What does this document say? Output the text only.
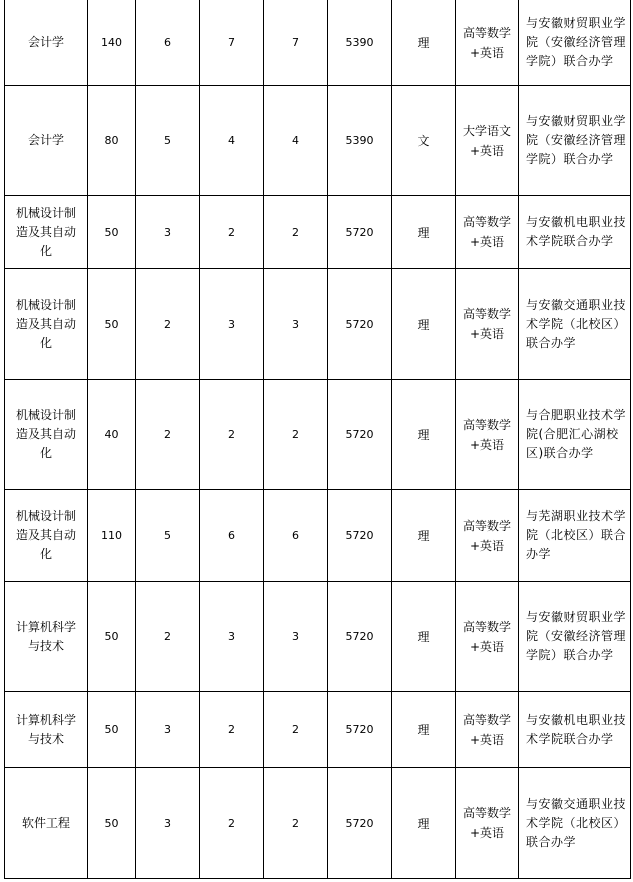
会计学	140	6	7	7	5390	理	高等数学+英语	与安徽财贸职业学院（安徽经济管理学院）联合办学

会计学	80	5	4	4	5390	文	大学语文+英语	与安徽财贸职业学院（安徽经济管理学院）联合办学

机械设计制造及其自动化	50	3	2	2	5720	理	高等数学+英语	与安徽机电职业技术学院联合办学

机械设计制造及其自动化	50	2	3	3	5720	理	高等数学+英语	与安徽交通职业技术学院（北校区）联合办学

机械设计制造及其自动化	40	2	2	2	5720	理	高等数学+英语	与合肥职业技术学院(合肥汇心湖校区)联合办学

机械设计制造及其自动化	110	5	6	6	5720	理	高等数学+英语	与芜湖职业技术学院（北校区）联合办学

计算机科学与技术	50	2	3	3	5720	理	高等数学+英语	与安徽财贸职业学院（安徽经济管理学院）联合办学

计算机科学与技术	50	3	2	2	5720	理	高等数学+英语	与安徽机电职业技术学院联合办学

软件工程	50	3	2	2	5720	理	高等数学+英语	与安徽交通职业技术学院（北校区）联合办学
